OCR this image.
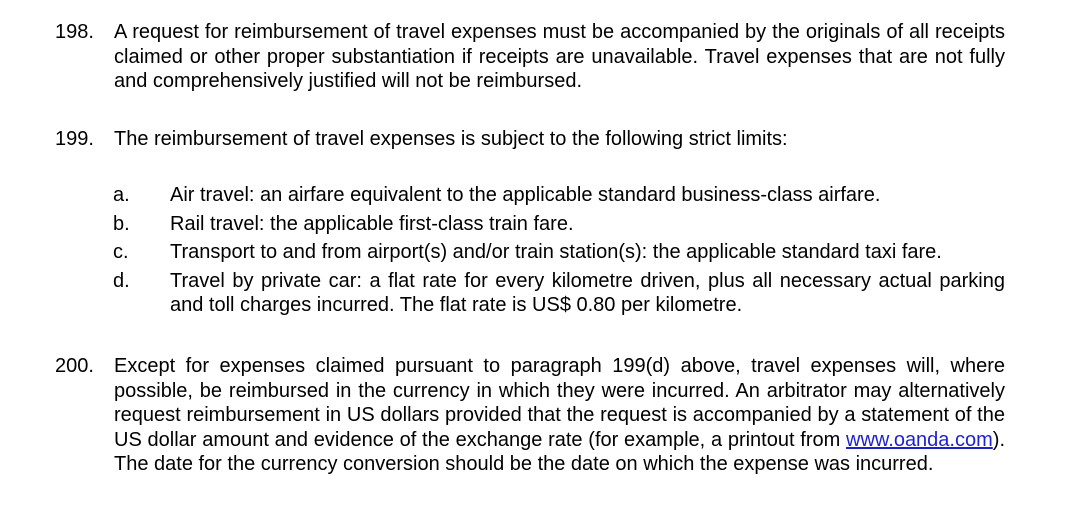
198.	A request for reimbursement of travel expenses must be accompanied by the originals of all receipts claimed or other proper substantiation if receipts are unavailable. Travel expenses that are not fully and comprehensively justified will not be reimbursed.
199.	The reimbursement of travel expenses is subject to the following strict limits:
a.	Air travel: an airfare equivalent to the applicable standard business-class airfare.
b.	Rail travel: the applicable first-class train fare.
c.	Transport to and from airport(s) and/or train station(s): the applicable standard taxi fare.
d.	Travel by private car: a flat rate for every kilometre driven, plus all necessary actual parking and toll charges incurred. The flat rate is US$ 0.80 per kilometre.
200.	Except for expenses claimed pursuant to paragraph 199(d) above, travel expenses will, where possible, be reimbursed in the currency in which they were incurred. An arbitrator may alternatively request reimbursement in US dollars provided that the request is accompanied by a statement of the US dollar amount and evidence of the exchange rate (for example, a printout from www.oanda.com). The date for the currency conversion should be the date on which the expense was incurred.
